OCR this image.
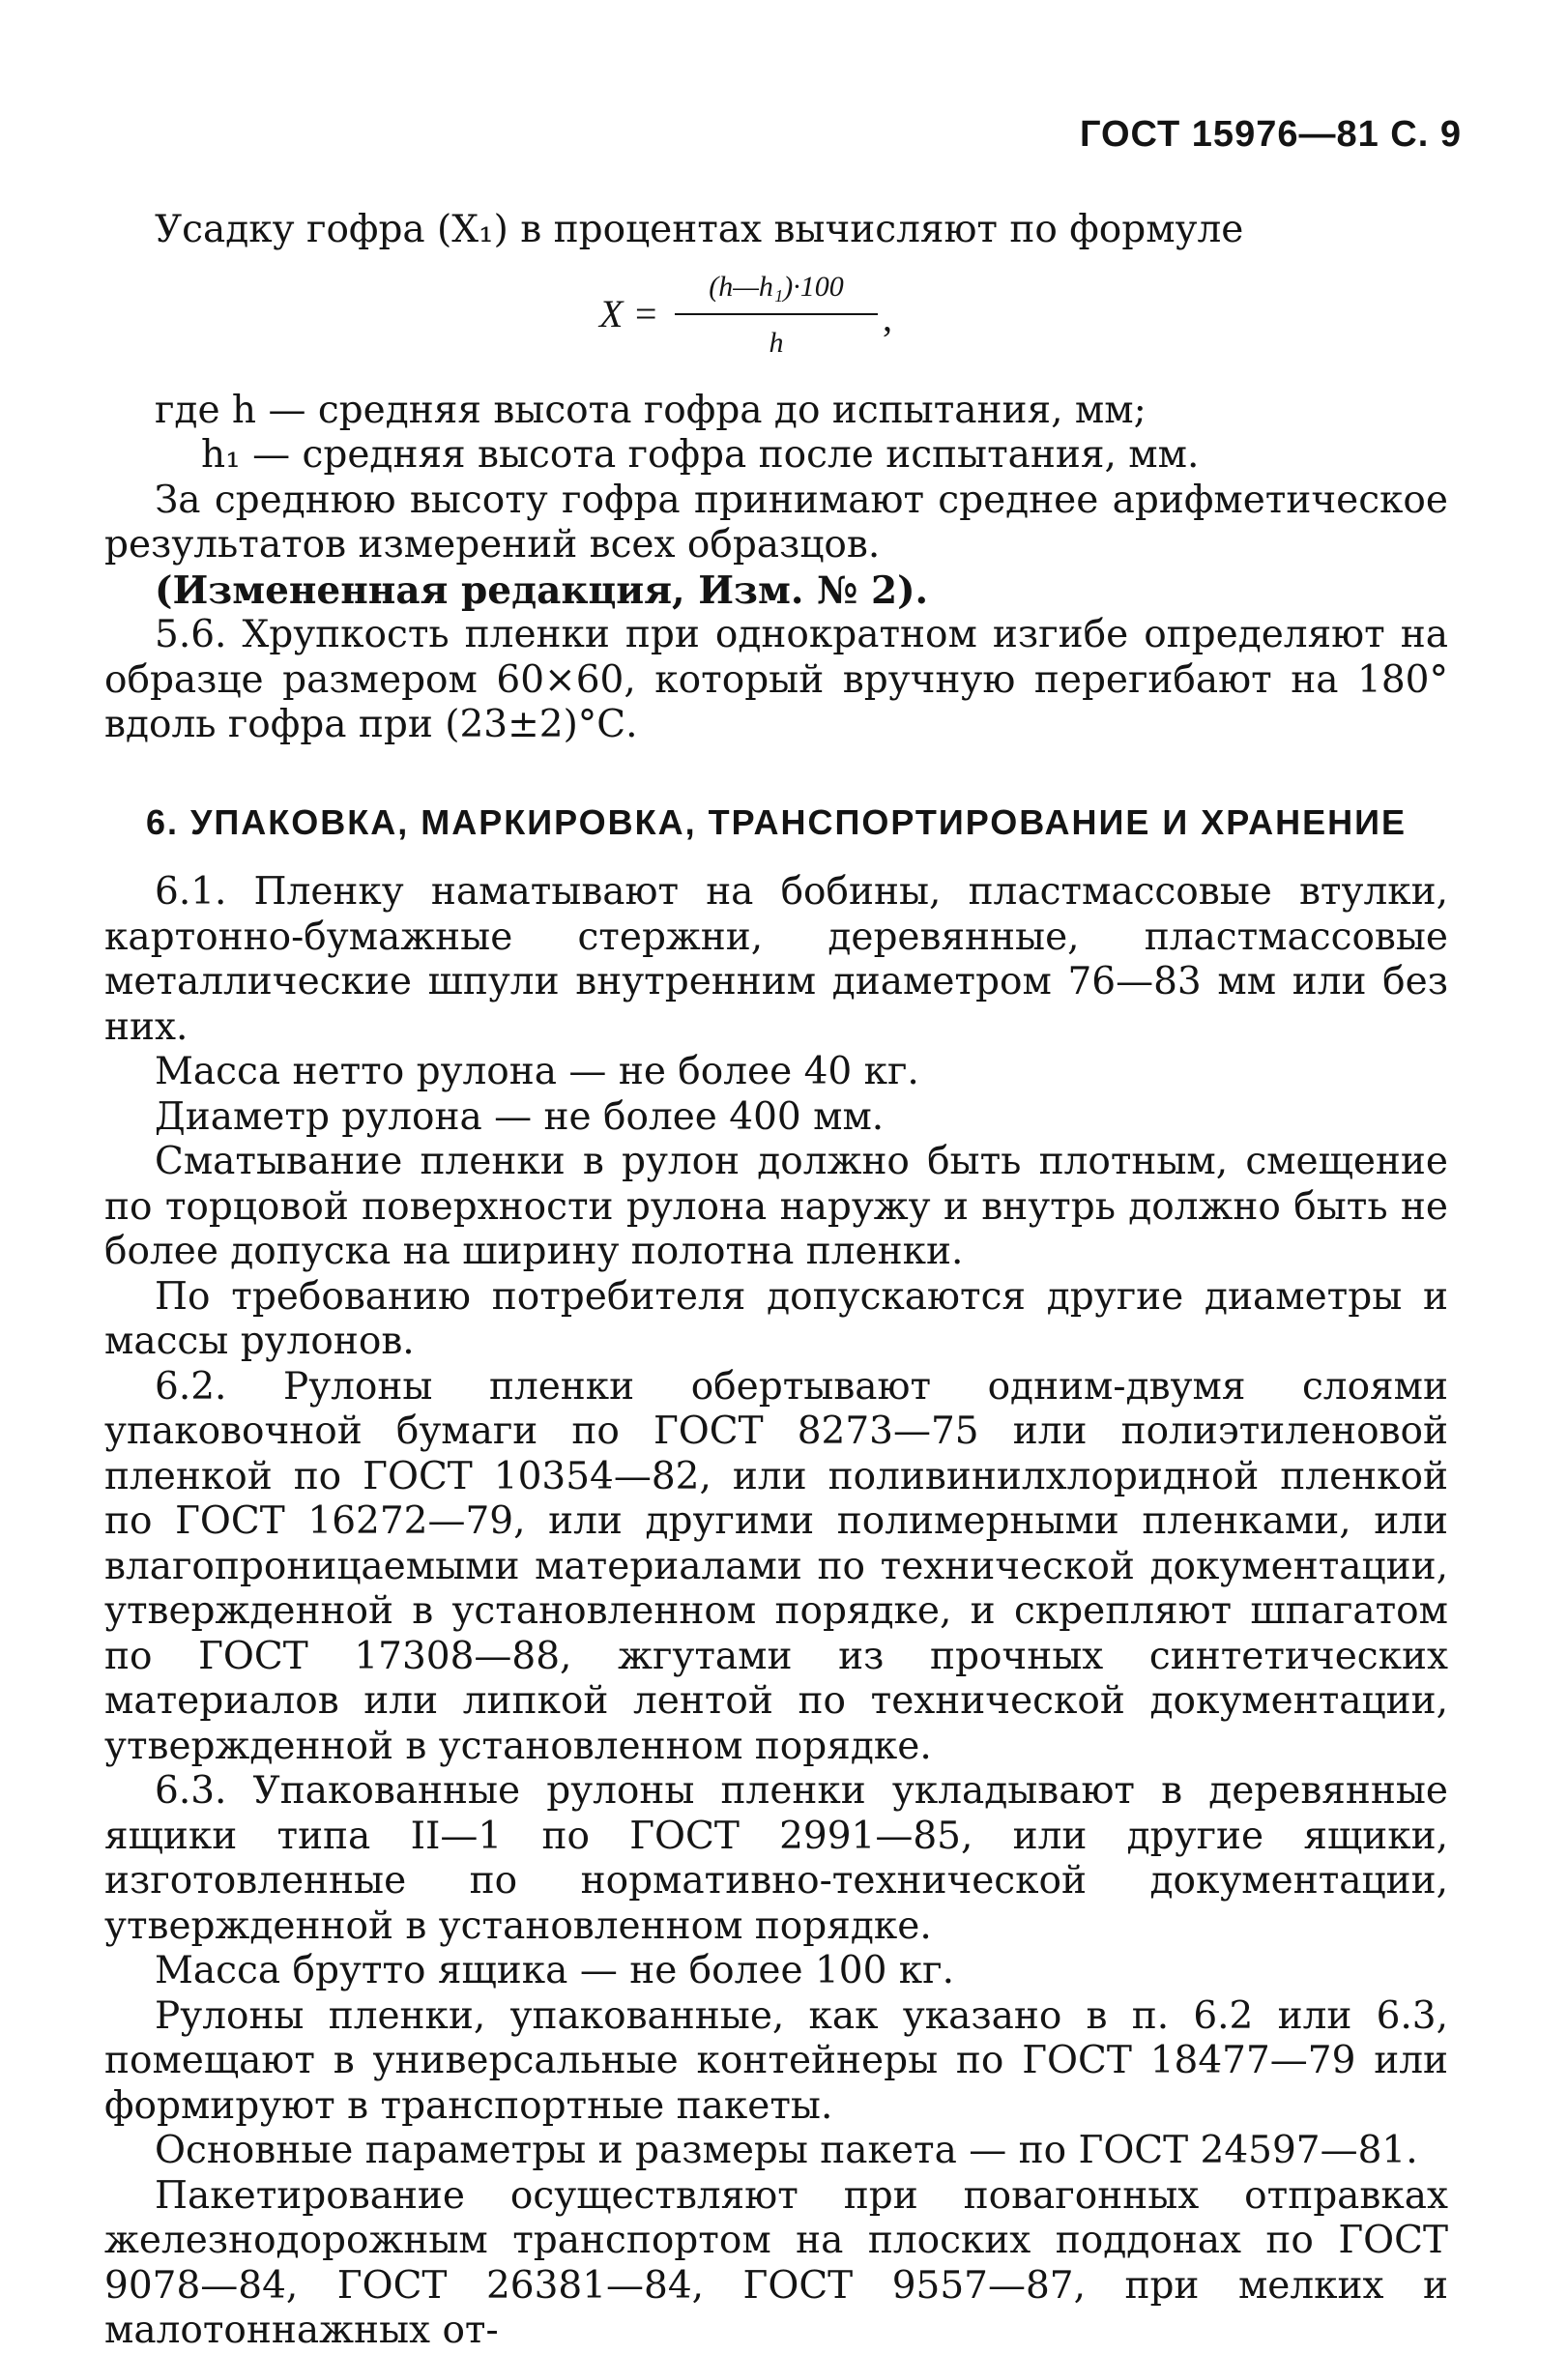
ГОСТ 15976—81 С. 9

Усадку гофра (X₁) в процентах вычисляют по формуле

$X = \frac{\text{(h—h₁)·100}}{h}$ ,

где h — средняя высота гофра до испытания, мм;

h₁ — средняя высота гофра после испытания, мм.

За среднюю высоту гофра принимают среднее арифметическое результатов измерений всех образцов.

(Измененная редакция, Изм. № 2).

5.6. Хрупкость пленки при однократном изгибе определяют на образце размером 60×60, который вручную перегибают на 180° вдоль гофра при (23±2)°С.

6. УПАКОВКА, МАРКИРОВКА, ТРАНСПОРТИРОВАНИЕ И ХРАНЕНИЕ

6.1. Пленку наматывают на бобины, пластмассовые втулки, картонно-бумажные стержни, деревянные, пластмассовые металлические шпули внутренним диаметром 76—83 мм или без них.

Масса нетто рулона — не более 40 кг.

Диаметр рулона — не более 400 мм.

Сматывание пленки в рулон должно быть плотным, смещение по торцовой поверхности рулона наружу и внутрь должно быть не более допуска на ширину полотна пленки.

По требованию потребителя допускаются другие диаметры и массы рулонов.

6.2. Рулоны пленки обертывают одним-двумя слоями упаковочной бумаги по ГОСТ 8273—75 или полиэтиленовой пленкой по ГОСТ 10354—82, или поливинилхлоридной пленкой по ГОСТ 16272—79, или другими полимерными пленками, или влагопроницаемыми материалами по технической документации, утвержденной в установленном порядке, и скрепляют шпагатом по ГОСТ 17308—88, жгутами из прочных синтетических материалов или липкой лентой по технической документации, утвержденной в установленном порядке.

6.3. Упакованные рулоны пленки укладывают в деревянные ящики типа II—1 по ГОСТ 2991—85, или другие ящики, изготовленные по нормативно-технической документации, утвержденной в установленном порядке.

Масса брутто ящика — не более 100 кг.

Рулоны пленки, упакованные, как указано в п. 6.2 или 6.3, помещают в универсальные контейнеры по ГОСТ 18477—79 или формируют в транспортные пакеты.

Основные параметры и размеры пакета — по ГОСТ 24597—81.

Пакетирование осуществляют при повагонных отправках железнодорожным транспортом на плоских поддонах по ГОСТ 9078—84, ГОСТ 26381—84, ГОСТ 9557—87, при мелких и малотоннажных от-
